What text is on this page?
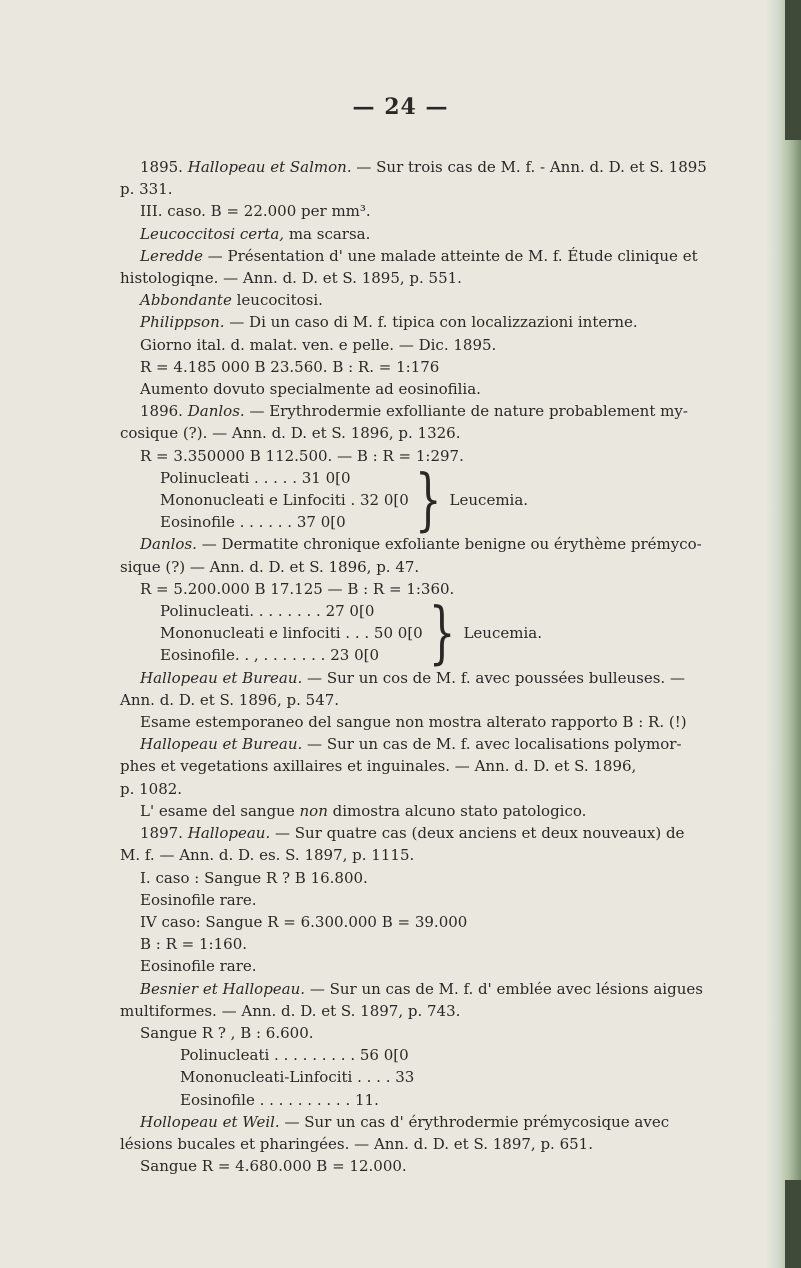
— 24 —

1895. Hallopeau et Salmon. — Sur trois cas de M. f. - Ann. d. D. et S. 1895

p. 331.

III. caso. B = 22.000 per mm³.

Leucoccitosi certa, ma scarsa.

Leredde — Présentation d' une malade atteinte de M. f. Étude clinique et

histologiqne. — Ann. d. D. et S. 1895, p. 551.

Abbondante leucocitosi.

Philippson. — Di un caso di M. f. tipica con localizzazioni interne.

Giorno ital. d. malat. ven. e pelle. — Dic. 1895.

R = 4.185 000 B 23.560. B : R. = 1:176

Aumento dovuto specialmente ad eosinofilia.

1896. Danlos. — Erythrodermie exfolliante de nature probablement my-

cosique (?). — Ann. d. D. et S. 1896, p. 1326.

R = 3.350000 B 112.500. — B : R = 1:297.

Polinucleati . . . . . 31 0[0
Mononucleati e Linfociti . 32 0[0
Eosinofile . . . . . . 37 0[0	} Leucemia.

Danlos. — Dermatite chronique exfoliante benigne ou érythème prémyco-

sique (?) — Ann. d. D. et S. 1896, p. 47.

R = 5.200.000 B 17.125 — B : R = 1:360.

Polinucleati. . . . . . . . 27 0[0
Mononucleati e linfociti . . . 50 0[0
Eosinofile. . , . . . . . . . 23 0[0	} Leucemia.

Hallopeau et Bureau. — Sur un cos de M. f. avec poussées bulleuses. —

Ann. d. D. et S. 1896, p. 547.

Esame estemporaneo del sangue non mostra alterato rapporto B : R. (!)

Hallopeau et Bureau. — Sur un cas de M. f. avec localisations polymor-

phes et vegetations axillaires et inguinales. — Ann. d. D. et S. 1896,

p. 1082.

L' esame del sangue non dimostra alcuno stato patologico.

1897. Hallopeau. — Sur quatre cas (deux anciens et deux nouveaux) de

M. f. — Ann. d. D. es. S. 1897, p. 1115.

I. caso : Sangue R ? B 16.800.

Eosinofile rare.

IV caso: Sangue R = 6.300.000 B = 39.000

B : R = 1:160.

Eosinofile rare.

Besnier et Hallopeau. — Sur un cas de M. f. d' emblée avec lésions aigues

multiformes. — Ann. d. D. et S. 1897, p. 743.

Sangue R ? , B : 6.600.

Polinucleati . . . . . . . . . 56 0[0
Mononucleati-Linfociti . . . . 33
Eosinofile . . . . . . . . . . 11.

Hollopeau et Weil. — Sur un cas d' érythrodermie prémycosique avec

lésions bucales et pharingées. — Ann. d. D. et S. 1897, p. 651.

Sangue R = 4.680.000 B = 12.000.
